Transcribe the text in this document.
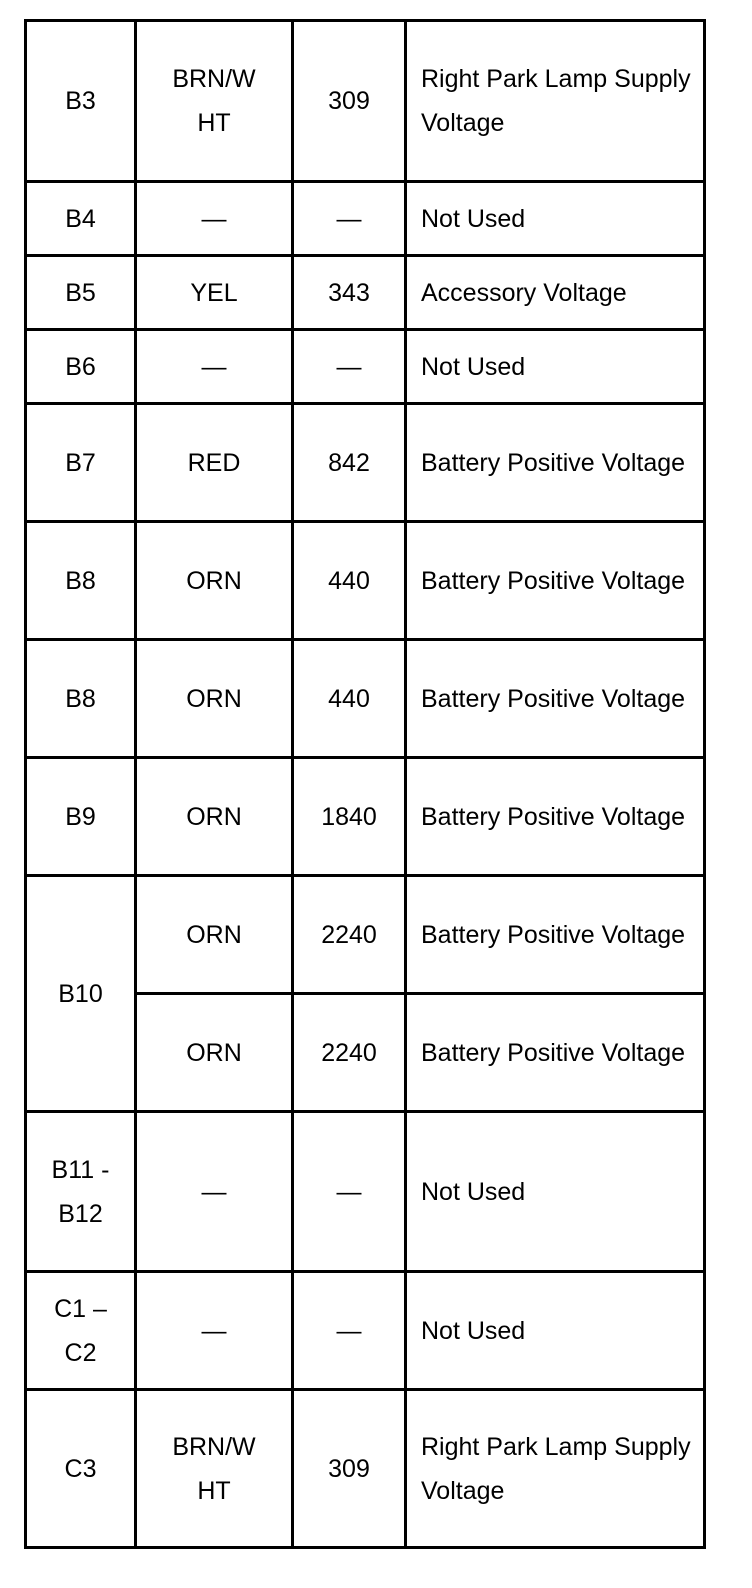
B3	BRN/W HT	309	Right Park Lamp Supply Voltage
B4	—	—	Not Used
B5	YEL	343	Accessory Voltage
B6	—	—	Not Used
B7	RED	842	Battery Positive Voltage
B8	ORN	440	Battery Positive Voltage
B8	ORN	440	Battery Positive Voltage
B9	ORN	1840	Battery Positive Voltage
B10	ORN	2240	Battery Positive Voltage
	ORN	2240	Battery Positive Voltage
B11 -B12	—	—	Not Used
C1 – C2	—	—	Not Used
C3	BRN/W HT	309	Right Park Lamp Supply Voltage
